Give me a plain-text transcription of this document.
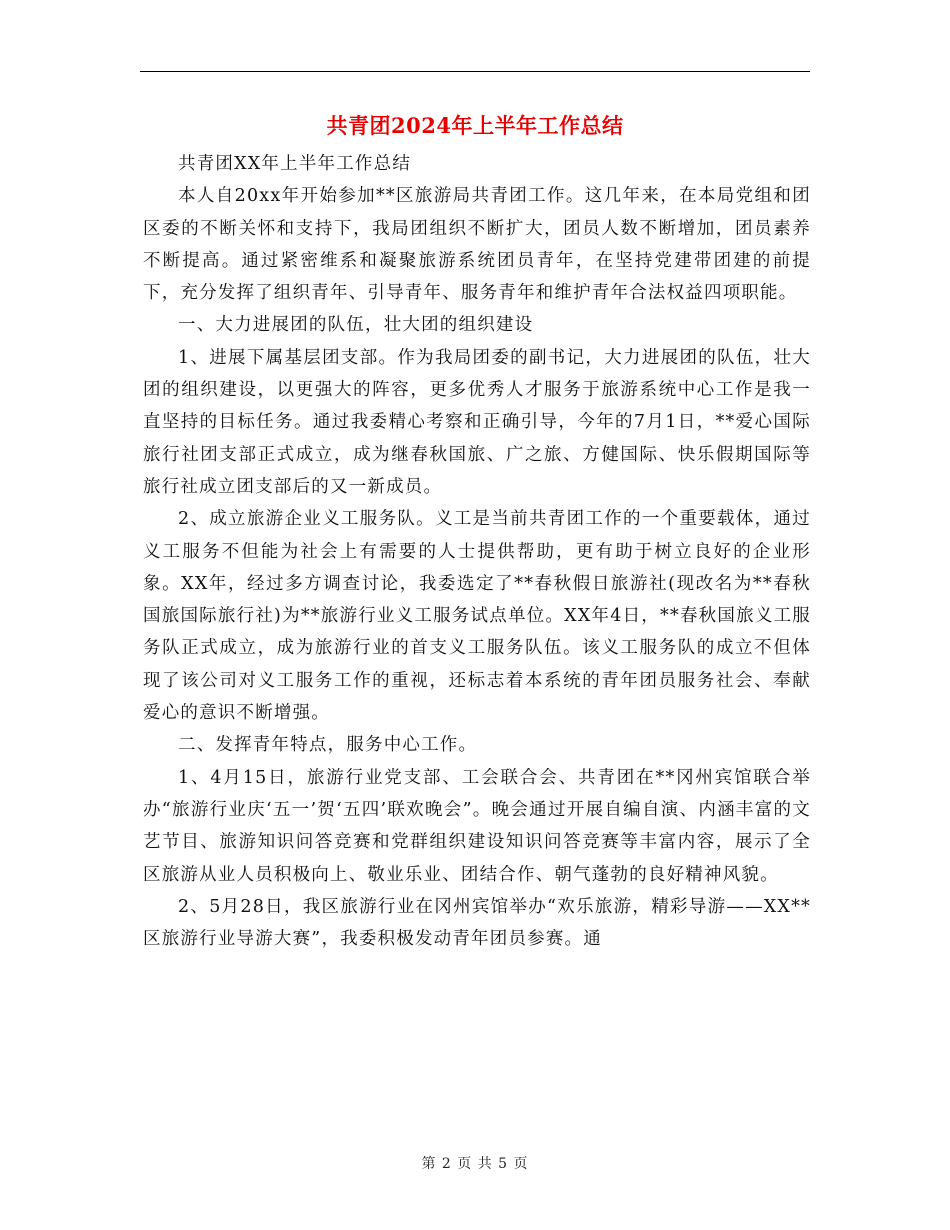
共青团2024年上半年工作总结

共青团XX年上半年工作总结

本人自20xx年开始参加**区旅游局共青团工作。这几年来，在本局党组和团区委的不断关怀和支持下，我局团组织不断扩大，团员人数不断增加，团员素养不断提高。通过紧密维系和凝聚旅游系统团员青年，在坚持党建带团建的前提下，充分发挥了组织青年、引导青年、服务青年和维护青年合法权益四项职能。

一、大力进展团的队伍，壮大团的组织建设

1、进展下属基层团支部。作为我局团委的副书记，大力进展团的队伍，壮大团的组织建设，以更强大的阵容，更多优秀人才服务于旅游系统中心工作是我一直坚持的目标任务。通过我委精心考察和正确引导，今年的7月1日，**爱心国际旅行社团支部正式成立，成为继春秋国旅、广之旅、方健国际、快乐假期国际等旅行社成立团支部后的又一新成员。

2、成立旅游企业义工服务队。义工是当前共青团工作的一个重要载体，通过义工服务不但能为社会上有需要的人士提供帮助，更有助于树立良好的企业形象。XX年，经过多方调查讨论，我委选定了**春秋假日旅游社(现改名为**春秋国旅国际旅行社)为**旅游行业义工服务试点单位。XX年4日，**春秋国旅义工服务队正式成立，成为旅游行业的首支义工服务队伍。该义工服务队的成立不但体现了该公司对义工服务工作的重视，还标志着本系统的青年团员服务社会、奉献爱心的意识不断增强。

二、发挥青年特点，服务中心工作。

1、4月15日，旅游行业党支部、工会联合会、共青团在**冈州宾馆联合举办“旅游行业庆‘五一’贺‘五四’联欢晚会”。晚会通过开展自编自演、内涵丰富的文艺节目、旅游知识问答竞赛和党群组织建设知识问答竞赛等丰富内容，展示了全区旅游从业人员积极向上、敬业乐业、团结合作、朝气蓬勃的良好精神风貌。

2、5月28日，我区旅游行业在冈州宾馆举办“欢乐旅游，精彩导游——XX**区旅游行业导游大赛”，我委积极发动青年团员参赛。通

第 2 页 共 5 页
